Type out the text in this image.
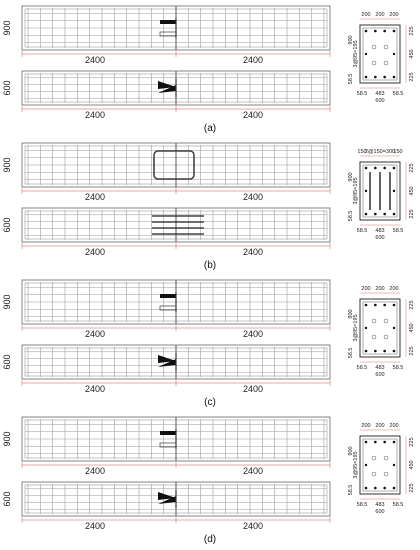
900
2400	2400
600
2400	2400
200 200 200
225
450
225
900
3@95=195
58.5
58.5 483 58.5
600
(a)
900
2400	2400
600
2400	2400
150
2@150=300
150
225
450
225
900
3@95=195
58.5
58.5 483 58.5
600
(b)
900
2400	2400
600
2400	2400
200 200 200
225
450
225
900
3@95=195
58.5
58.5 483 58.5
600
(c)
900
2400	2400
600
2400	2400
200 200 200
225
450
225
900
3@95=195
58.5
58.5 483 58.5
600
(d)
